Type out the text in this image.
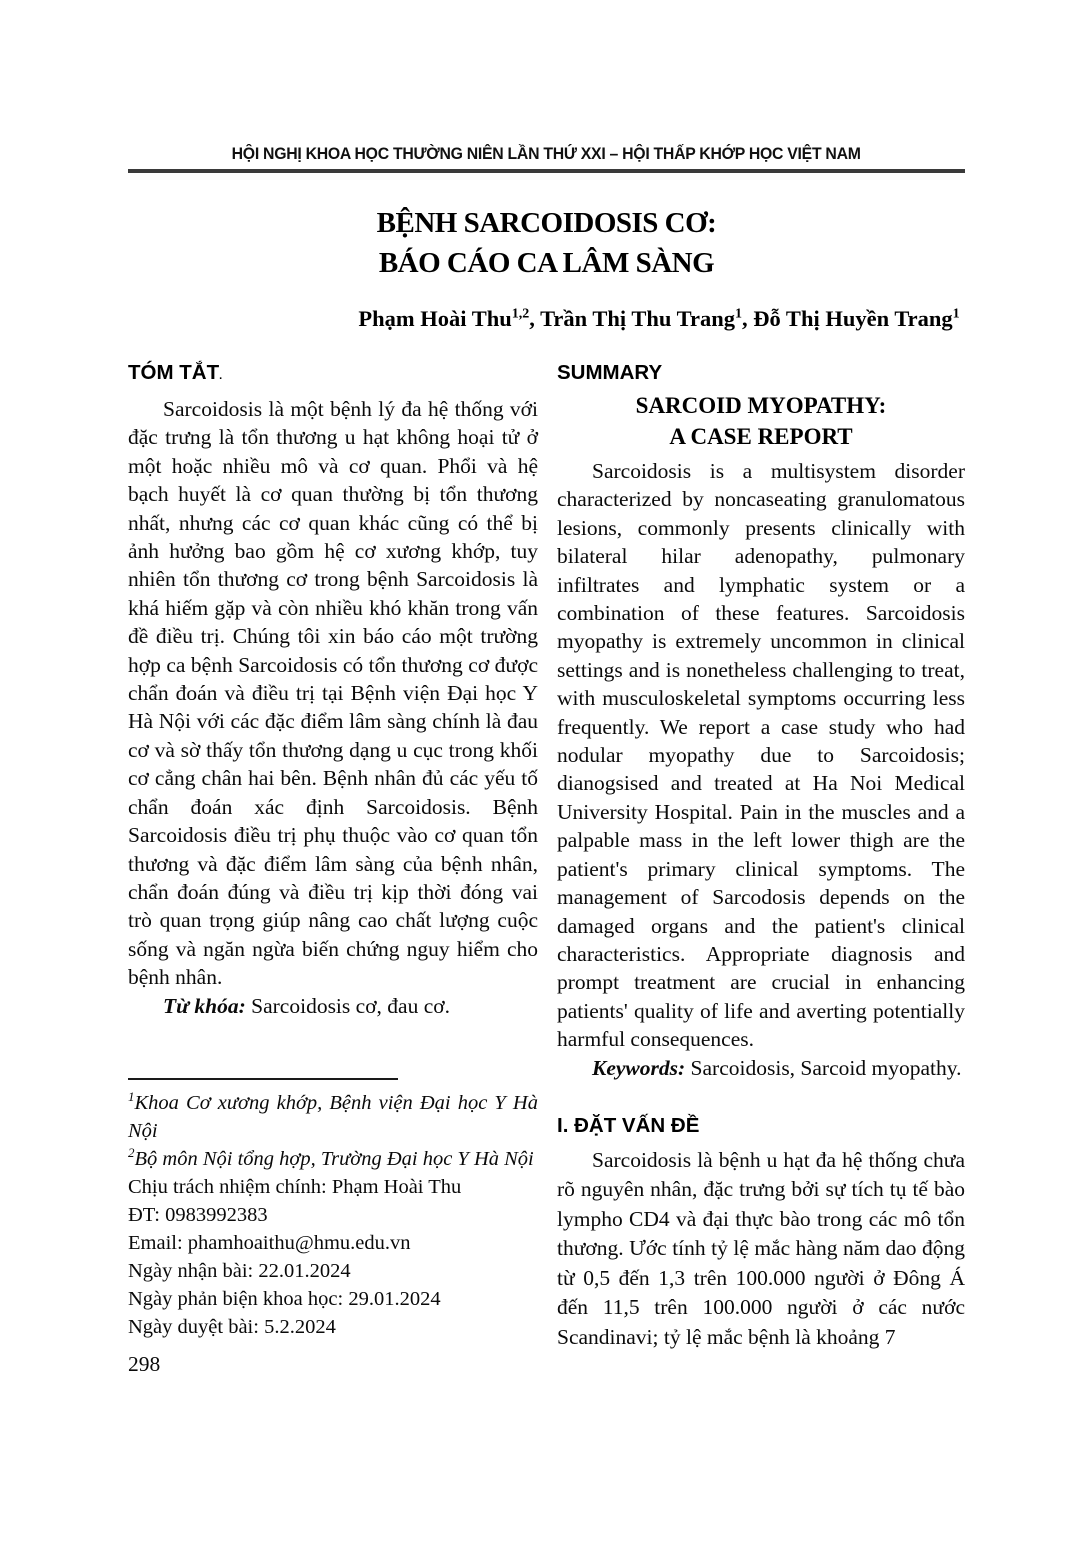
HỘI NGHỊ KHOA HỌC THƯỜNG NIÊN LẦN THỨ XXI – HỘI THẤP KHỚP HỌC VIỆT NAM
BỆNH SARCOIDOSIS CƠ:
BÁO CÁO CA LÂM SÀNG
Phạm Hoài Thu$^{1,2}$, Trần Thị Thu Trang$^1$, Đỗ Thị Huyền Trang$^1$
TÓM TẮT.

Sarcoidosis là một bệnh lý đa hệ thống với đặc trưng là tổn thương u hạt không hoại tử ở một hoặc nhiều mô và cơ quan. Phổi và hệ bạch huyết là cơ quan thường bị tổn thương nhất, nhưng các cơ quan khác cũng có thể bị ảnh hưởng bao gồm hệ cơ xương khớp, tuy nhiên tổn thương cơ trong bệnh Sarcoidosis là khá hiếm gặp và còn nhiều khó khăn trong vấn đề điều trị. Chúng tôi xin báo cáo một trường hợp ca bệnh Sarcoidosis có tổn thương cơ được chẩn đoán và điều trị tại Bệnh viện Đại học Y Hà Nội với các đặc điểm lâm sàng chính là đau cơ và sờ thấy tổn thương dạng u cục trong khối cơ cẳng chân hai bên. Bệnh nhân đủ các yếu tố chẩn đoán xác định Sarcoidosis. Bệnh Sarcoidosis điều trị phụ thuộc vào cơ quan tổn thương và đặc điểm lâm sàng của bệnh nhân, chẩn đoán đúng và điều trị kịp thời đóng vai trò quan trọng giúp nâng cao chất lượng cuộc sống và ngăn ngừa biến chứng nguy hiểm cho bệnh nhân.

Từ khóa: Sarcoidosis cơ, đau cơ.

$^1$Khoa Cơ xương khớp, Bệnh viện Đại học Y Hà Nội

$^2$Bộ môn Nội tổng hợp, Trường Đại học Y Hà Nội

Chịu trách nhiệm chính: Phạm Hoài Thu

ĐT: 0983992383

Email: phamhoaithu@hmu.edu.vn

Ngày nhận bài: 22.01.2024

Ngày phản biện khoa học: 29.01.2024

Ngày duyệt bài: 5.2.2024

SUMMARY
SARCOID MYOPATHY:
A CASE REPORT

Sarcoidosis is a multisystem disorder characterized by noncaseating granulomatous lesions, commonly presents clinically with bilateral hilar adenopathy, pulmonary infiltrates and lymphatic system or a combination of these features. Sarcoidosis myopathy is extremely uncommon in clinical settings and is nonetheless challenging to treat, with musculoskeletal symptoms occurring less frequently. We report a case study who had nodular myopathy due to Sarcoidosis; dianogsised and treated at Ha Noi Medical University Hospital. Pain in the muscles and a palpable mass in the left lower thigh are the patient's primary clinical symptoms. The management of Sarcodosis depends on the damaged organs and the patient's clinical characteristics. Appropriate diagnosis and prompt treatment are crucial in enhancing patients' quality of life and averting potentially harmful consequences.

Keywords: Sarcoidosis, Sarcoid myopathy.

I. ĐẶT VẤN ĐỀ

Sarcoidosis là bệnh u hạt đa hệ thống chưa rõ nguyên nhân, đặc trưng bởi sự tích tụ tế bào lympho CD4 và đại thực bào trong các mô tổn thương. Ước tính tỷ lệ mắc hàng năm dao động từ 0,5 đến 1,3 trên 100.000 người ở Đông Á đến 11,5 trên 100.000 người ở các nước Scandinavi; tỷ lệ mắc bệnh là khoảng 7

298
